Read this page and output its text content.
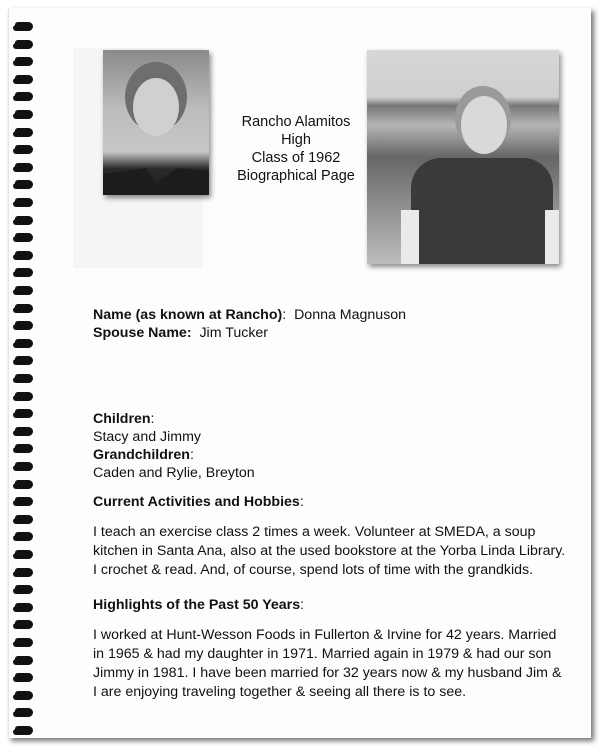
Rancho Alamitos
High
Class of 1962
Biographical Page
Name (as known at Rancho): Donna Magnuson
Spouse Name: Jim Tucker
Children:
Stacy and Jimmy
Grandchildren:
Caden and Rylie, Breyton
Current Activities and Hobbies:
I teach an exercise class 2 times a week. Volunteer at SMEDA, a soup
kitchen in Santa Ana, also at the used bookstore at the Yorba Linda Library.
I crochet & read. And, of course, spend lots of time with the grandkids.
Highlights of the Past 50 Years:
I worked at Hunt-Wesson Foods in Fullerton & Irvine for 42 years. Married
in 1965 & had my daughter in 1971. Married again in 1979 & had our son
Jimmy in 1981. I have been married for 32 years now & my husband Jim &
I are enjoying traveling together & seeing all there is to see.
